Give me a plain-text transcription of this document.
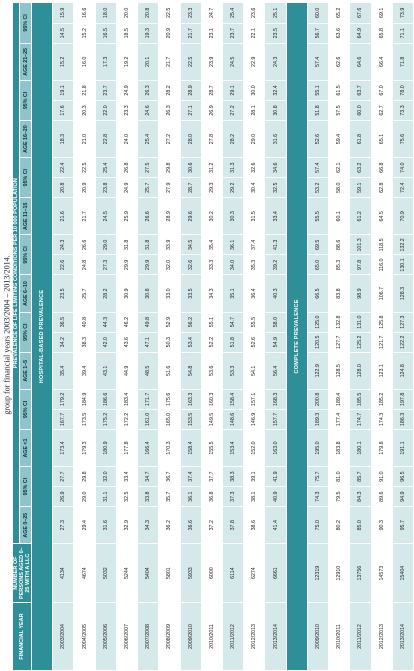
group for financial years 2003/2004 – 2013/2014.
FINANCIAL YEAR	NUMBER OF PERSONS AGED 0–25 WITH A LLC	PREVALENCE OF LIFE LIMITING CONDITIONS PER 10 000 POPULATION																				
		AGE 0–25	95% CI		AGE <1	95% CI		AGE 1–5	95% CI		AGE 6–10	95% CI		AGE 11–15	95% CI		AGE 16–20	95% CI		AGE 21–25	95% CI	

HOSPITAL-BASED PREVALENCE																						
2003/2004	4134	27.3	26.9	27.7	173.4	167.7	179.2	35.4	34.2	36.5	23.5	22.6	24.3	21.6	20.8	22.4	18.3	17.6	19.1	15.2	14.5	15.9
2004/2005	4674	29.4	29.0	29.8	179.3	173.5	184.9	39.4	38.3	40.8	25.7	24.8	26.6	21.7	20.9	22.5	21.0	20.3	21.8	16.0	15.2	16.6
2005/2006	5032	31.6	31.1	32.0	180.9	175.2	186.6	43.1	42.0	44.3	28.2	27.3	29.0	24.5	23.8	25.4	22.8	22.0	23.7	17.3	16.5	18.0
2006/2007	5244	32.9	32.5	33.4	177.8	172.2	183.4	44.9	43.6	46.2	30.9	29.9	31.8	25.9	24.9	26.8	24.0	23.3	24.9	19.2	18.5	20.0
2007/2008	5404	34.3	33.8	34.7	166.4	161.0	171.7	48.5	47.1	49.8	30.8	29.9	31.8	26.6	25.7	27.5	25.4	24.6	26.3	20.1	19.3	20.8
2008/2009	5801	36.2	35.7	36.7	170.3	165.0	175.6	51.6	50.3	52.9	33.0	32.0	33.9	28.9	27.9	29.8	27.2	26.3	28.2	21.7	20.9	22.5
2009/2010	5933	36.6	36.1	37.4	158.4	153.5	163.3	54.8	53.4	56.2	33.5	32.6	34.5	29.6	28.7	30.6	28.0	27.1	28.9	22.5	21.7	23.3
2010/2011	6000	37.2	36.8	37.7	155.5	149.5	160.3	53.6	52.2	55.1	34.3	33.3	35.4	30.2	29.3	31.2	27.8	26.9	28.7	23.9	23.1	24.7
2011/2012	6114	37.8	37.3	38.3	153.4	148.6	158.4	53.3	51.8	54.7	35.1	34.0	36.1	30.3	29.2	31.3	28.2	27.2	29.1	24.5	23.7	25.4
2012/2013	6274	38.6	38.1	39.1	152.0	146.9	157.1	54.1	52.6	55.5	36.4	35.3	37.4	31.5	30.4	32.6	29.0	28.1	30.0	22.9	22.1	23.6
2013/2014	6661	41.4	40.9	41.9	163.0	157.7	168.3	56.4	54.9	58.0	40.3	39.2	41.3	33.4	32.5	34.6	31.6	30.8	32.4	24.3	23.5	25.1
COMPLETE PREVALENCE																						
2009/2010	12319	75.0	74.3	75.7	195.0	189.3	200.8	122.9	120.5	125.0	66.5	65.0	69.5	55.5	53.2	57.4	52.6	51.8	55.1	57.4	56.7	60.0
2010/2011	12910	80.2	79.5	81.0	183.8	177.4	189.4	128.5	127.7	132.8	83.8	85.3	88.6	60.1	58.0	62.1	59.4	57.5	61.5	62.6	63.6	65.2
2011/2012	13756	85.0	84.3	85.7	180.1	174.7	185.5	128.0	125.2	131.0	98.9	97.8	101.3	61.2	59.1	63.2	61.8	60.0	63.7	64.6	64.9	67.6
2012/2013	14573	90.3	89.6	91.0	179.8	174.3	185.2	123.1	121.7	125.8	106.7	116.0	118.5	64.5	62.8	66.8	65.1	62.7	67.0	66.4	65.8	69.1
2013/2014	15404	95.7	94.9	96.5	191.1	186.3	197.8	124.8	122.2	127.3	128.3	130.1	132.2	70.9	72.4	74.0	75.6	73.3	78.0	71.8	71.1	73.9
